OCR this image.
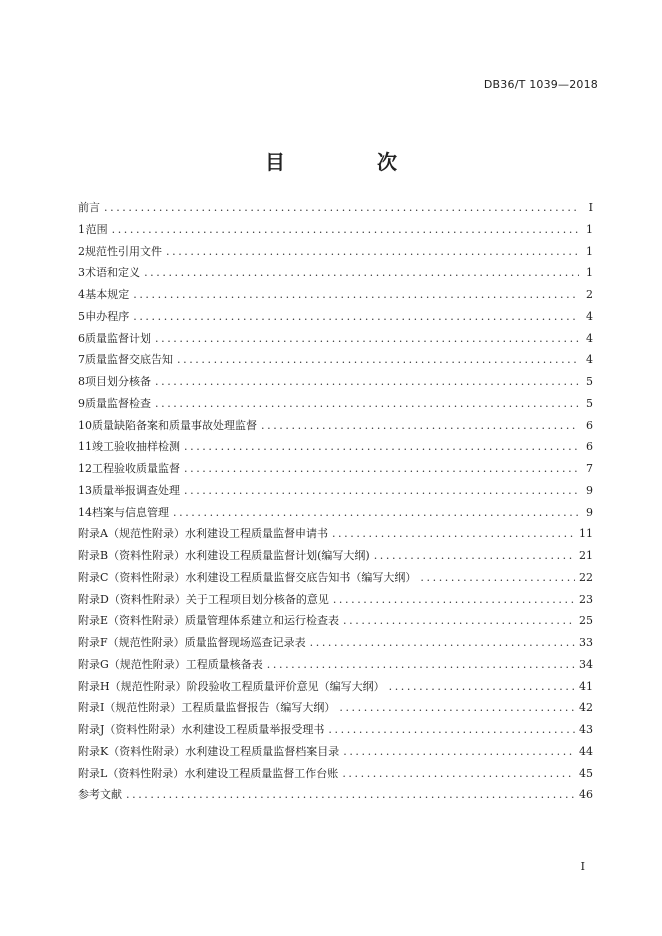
DB36/T 1039—2018
目　次
前言 .....	I
1 范围 .....	1
2 规范性引用文件 .....	1
3 术语和定义 .....	1
4 基本规定 .....	2
5 申办程序 .....	4
6 质量监督计划 .....	4
7 质量监督交底告知 .....	4
8 项目划分核备 .....	5
9 质量监督检查 .....	5
10 质量缺陷备案和质量事故处理监督 .....	6
11 竣工验收抽样检测 .....	6
12 工程验收质量监督 .....	7
13 质量举报调查处理 .....	9
14 档案与信息管理 .....	9
附录A （规范性附录） 水利建设工程质量监督申请书 .....	11
附录B （资料性附录） 水利建设工程质量监督计划(编写大纲) .....	21
附录C （资料性附录） 水利建设工程质量监督交底告知书（编写大纲） .....	22
附录D （资料性附录） 关于工程项目划分核备的意见 .....	23
附录E （资料性附录） 质量管理体系建立和运行检查表 .....	25
附录F （规范性附录） 质量监督现场巡查记录表 .....	33
附录G （规范性附录） 工程质量核备表 .....	34
附录H （规范性附录） 阶段验收工程质量评价意见（编写大纲） .....	41
附录I （规范性附录） 工程质量监督报告（编写大纲） .....	42
附录J （资料性附录） 水利建设工程质量举报受理书 .....	43
附录K （资料性附录） 水利建设工程质量监督档案目录 .....	44
附录L （资料性附录） 水利建设工程质量监督工作台账 .....	45
参考文献 .....	46
I
